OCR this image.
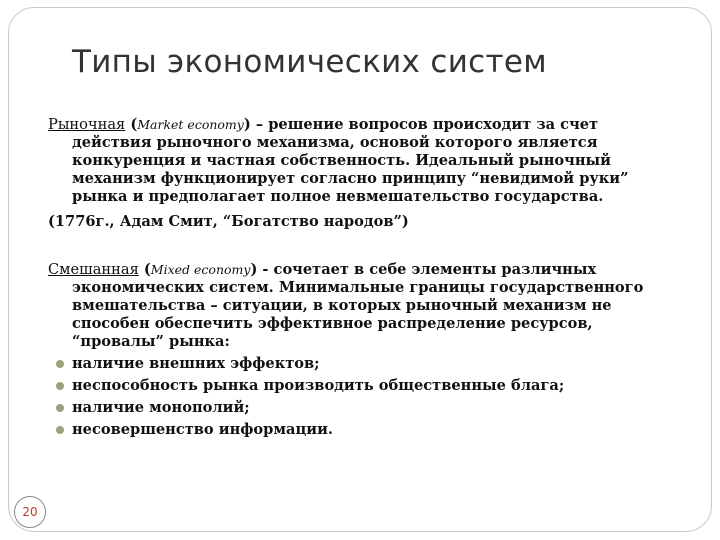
Типы экономических систем

Рыночная (Market economy) – решение вопросов происходит за счет действия рыночного механизма, основой которого является конкуренция и частная собственность. Идеальный рыночный механизм функционирует согласно принципу “невидимой руки” рынка и предполагает полное невмешательство государства.

(1776г., Адам Смит, “Богатство народов”)

Смешанная (Mixed economy) - сочетает в себе элементы различных экономических систем. Минимальные границы государственного вмешательства – ситуации, в которых рыночный механизм не способен обеспечить эффективное распределение ресурсов, “провалы” рынка:

наличие внешних эффектов;
неспособность рынка производить общественные блага;
наличие монополий;
несовершенство информации.
20
